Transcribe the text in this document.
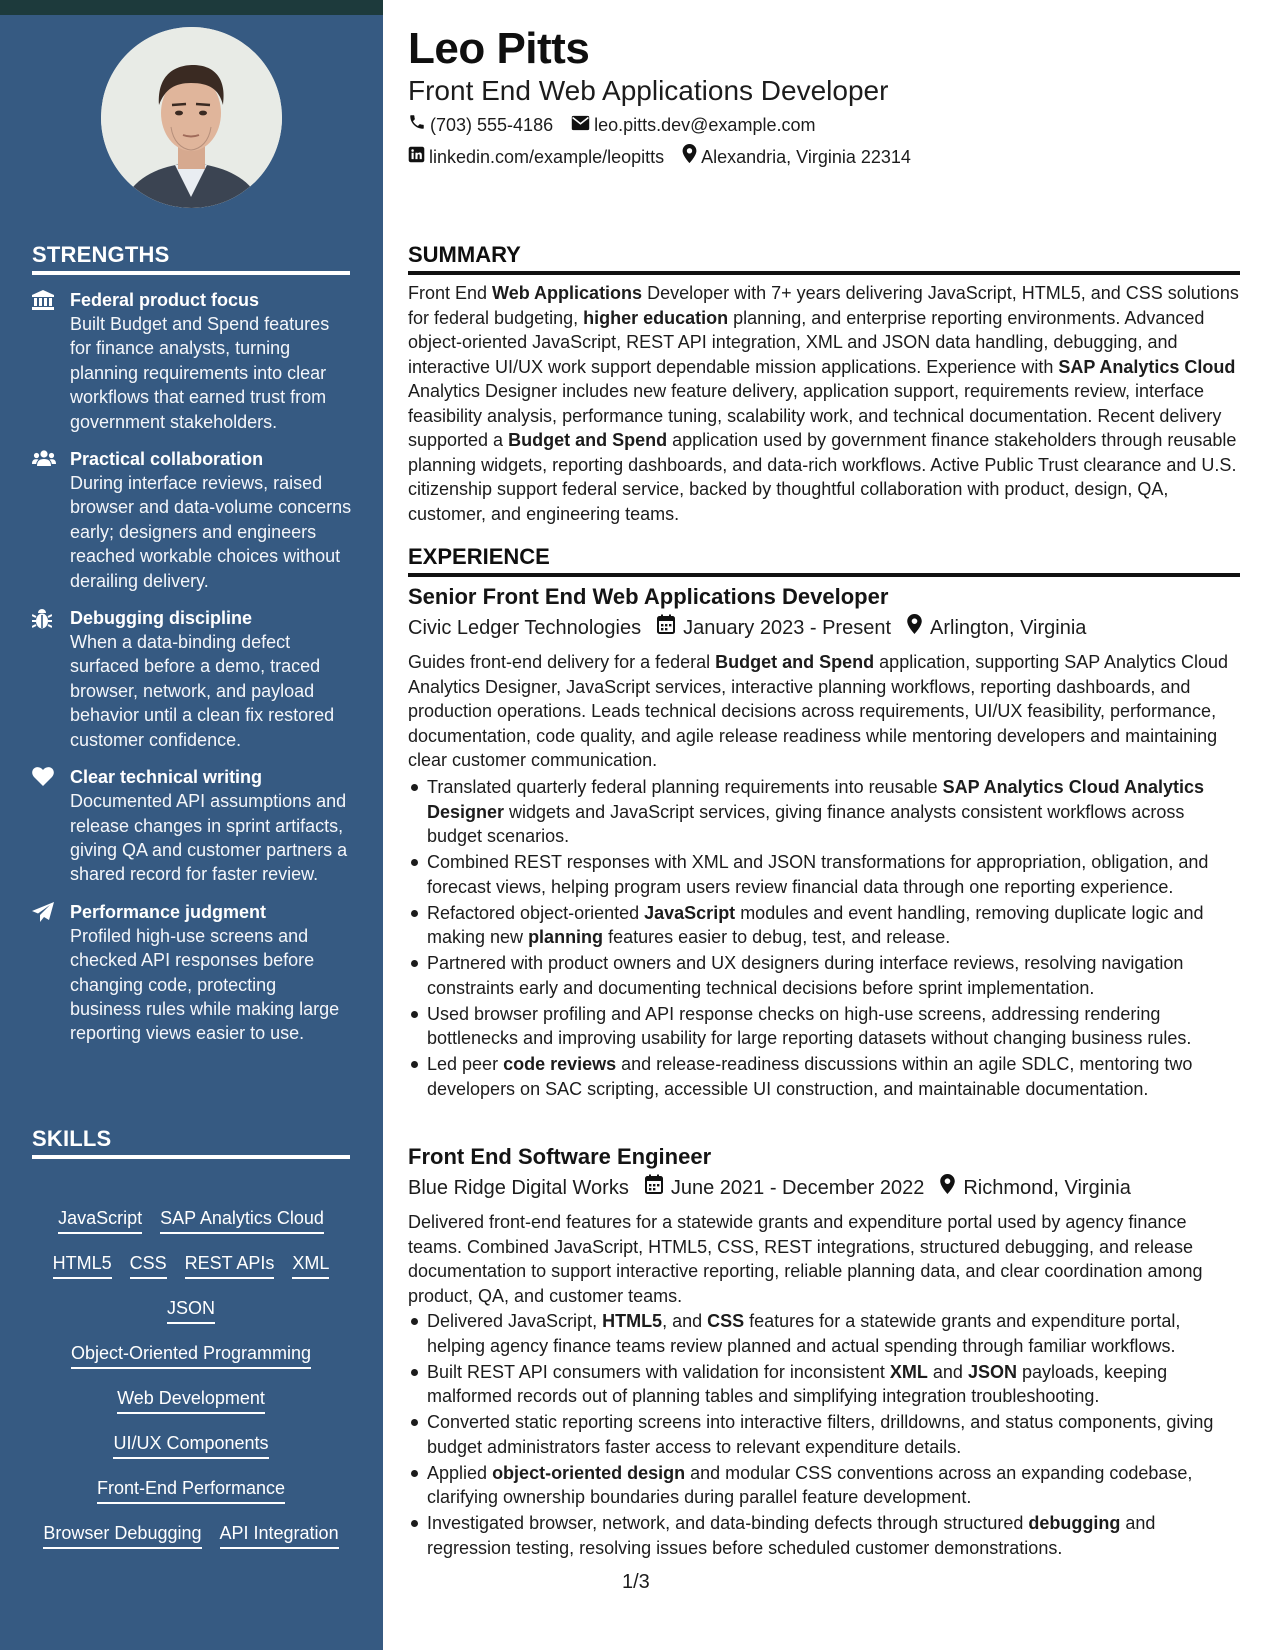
STRENGTHS
Federal product focus
Built Budget and Spend features for finance analysts, turning planning requirements into clear workflows that earned trust from government stakeholders.
Practical collaboration
During interface reviews, raised browser and data-volume concerns early; designers and engineers reached workable choices without derailing delivery.
Debugging discipline
When a data-binding defect surfaced before a demo, traced browser, network, and payload behavior until a clean fix restored customer confidence.
Clear technical writing
Documented API assumptions and release changes in sprint artifacts, giving QA and customer partners a shared record for faster review.
Performance judgment
Profiled high-use screens and checked API responses before changing code, protecting business rules while making large reporting views easier to use.
SKILLS
JavaScript SAP Analytics Cloud
HTML5 CSS REST APIs XML
JSON
Object-Oriented Programming
Web Development
UI/UX Components
Front-End Performance
Browser Debugging API Integration
Leo Pitts
Front End Web Applications Developer
(703) 555-4186 leo.pitts.dev@example.com
linkedin.com/example/leopitts Alexandria, Virginia 22314
SUMMARY
Front End Web Applications Developer with 7+ years delivering JavaScript, HTML5, and CSS solutions for federal budgeting, higher education planning, and enterprise reporting environments. Advanced object-oriented JavaScript, REST API integration, XML and JSON data handling, debugging, and interactive UI/UX work support dependable mission applications. Experience with SAP Analytics Cloud Analytics Designer includes new feature delivery, application support, requirements review, interface feasibility analysis, performance tuning, scalability work, and technical documentation. Recent delivery supported a Budget and Spend application used by government finance stakeholders through reusable planning widgets, reporting dashboards, and data-rich workflows. Active Public Trust clearance and U.S. citizenship support federal service, backed by thoughtful collaboration with product, design, QA, customer, and engineering teams.
EXPERIENCE
Senior Front End Web Applications Developer
Civic Ledger Technologies January 2023 - Present Arlington, Virginia
Guides front-end delivery for a federal Budget and Spend application, supporting SAP Analytics Cloud Analytics Designer, JavaScript services, interactive planning workflows, reporting dashboards, and production operations. Leads technical decisions across requirements, UI/UX feasibility, performance, documentation, code quality, and agile release readiness while mentoring developers and maintaining clear customer communication.
Translated quarterly federal planning requirements into reusable SAP Analytics Cloud Analytics Designer widgets and JavaScript services, giving finance analysts consistent workflows across budget scenarios.
Combined REST responses with XML and JSON transformations for appropriation, obligation, and forecast views, helping program users review financial data through one reporting experience.
Refactored object-oriented JavaScript modules and event handling, removing duplicate logic and making new planning features easier to debug, test, and release.
Partnered with product owners and UX designers during interface reviews, resolving navigation constraints early and documenting technical decisions before sprint implementation.
Used browser profiling and API response checks on high-use screens, addressing rendering bottlenecks and improving usability for large reporting datasets without changing business rules.
Led peer code reviews and release-readiness discussions within an agile SDLC, mentoring two developers on SAC scripting, accessible UI construction, and maintainable documentation.
Front End Software Engineer
Blue Ridge Digital Works June 2021 - December 2022 Richmond, Virginia
Delivered front-end features for a statewide grants and expenditure portal used by agency finance teams. Combined JavaScript, HTML5, CSS, REST integrations, structured debugging, and release documentation to support interactive reporting, reliable planning data, and clear coordination among product, QA, and customer teams.
Delivered JavaScript, HTML5, and CSS features for a statewide grants and expenditure portal, helping agency finance teams review planned and actual spending through familiar workflows.
Built REST API consumers with validation for inconsistent XML and JSON payloads, keeping malformed records out of planning tables and simplifying integration troubleshooting.
Converted static reporting screens into interactive filters, drilldowns, and status components, giving budget administrators faster access to relevant expenditure details.
Applied object-oriented design and modular CSS conventions across an expanding codebase, clarifying ownership boundaries during parallel feature development.
Investigated browser, network, and data-binding defects through structured debugging and regression testing, resolving issues before scheduled customer demonstrations.
1/3
